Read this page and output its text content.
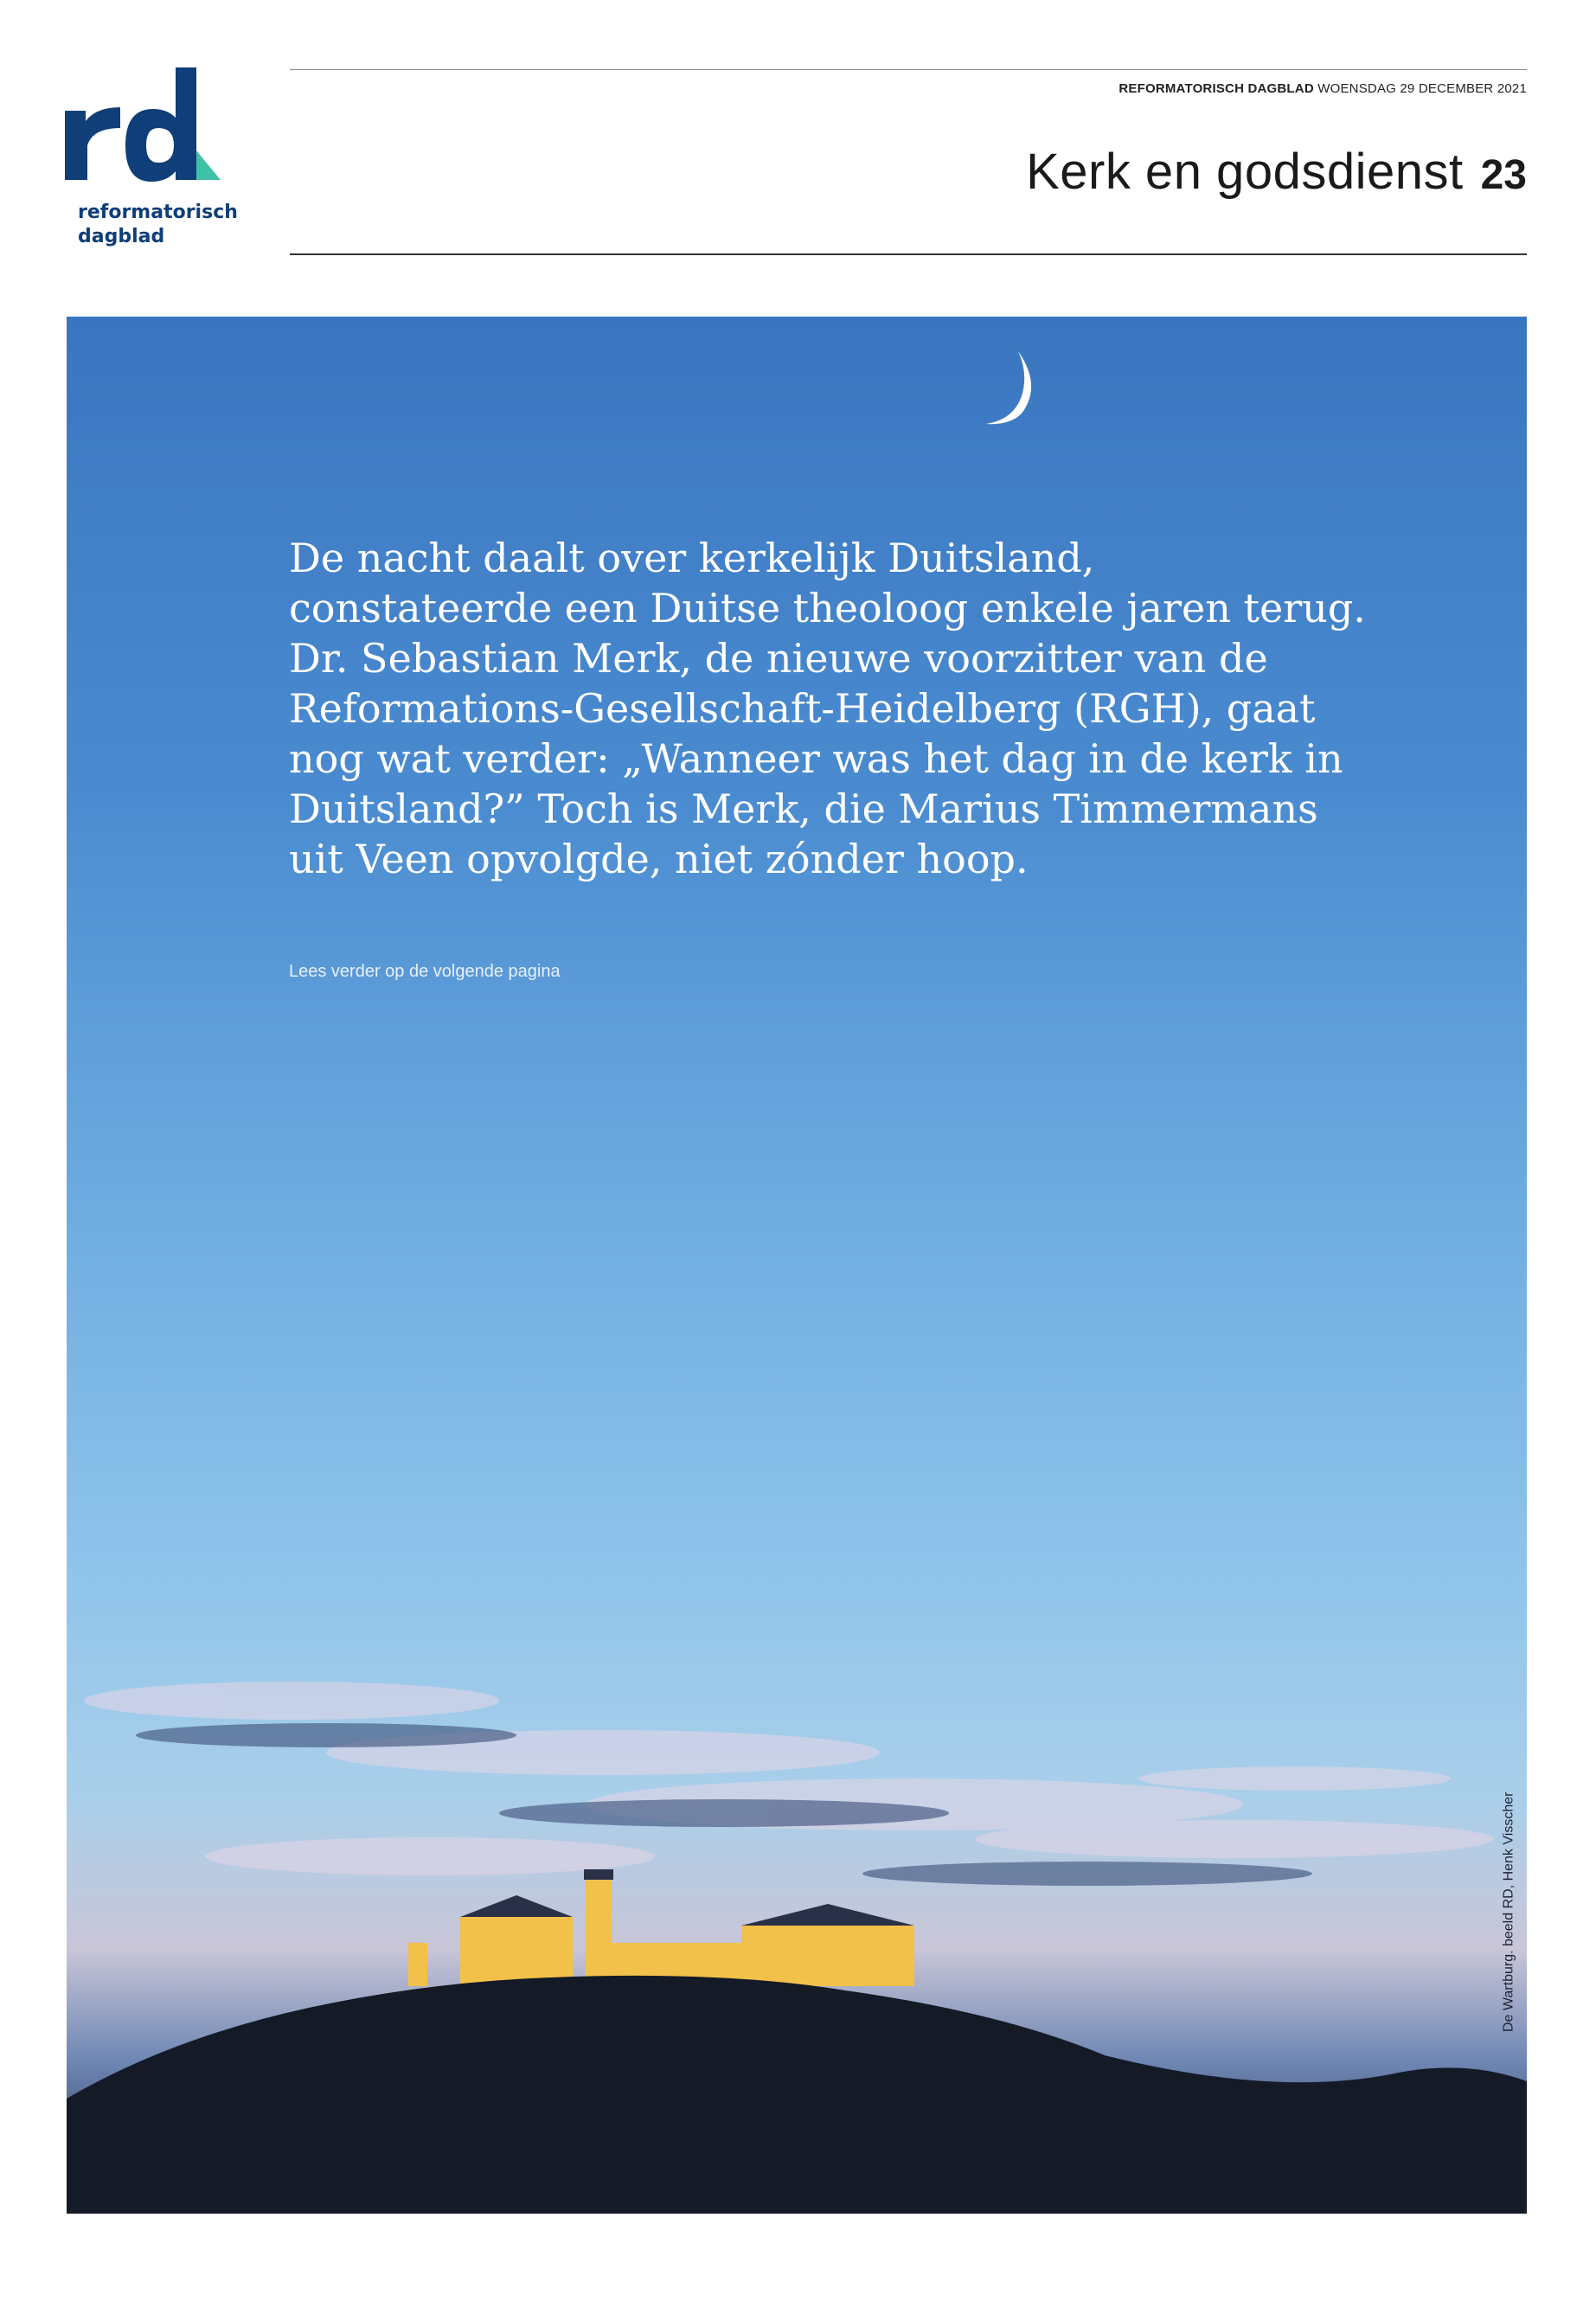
reformatorisch
dagblad
REFORMATORISCH DAGBLAD WOENSDAG 29 DECEMBER 2021
Kerk en godsdienst 23
De nacht daalt over kerkelijk Duitsland, constateerde een Duitse theoloog enkele jaren terug. Dr. Sebastian Merk, de nieuwe voorzitter van de Reformations-Gesellschaft-Heidelberg (RGH), gaat nog wat verder: „Wanneer was het dag in de kerk in Duitsland?” Toch is Merk, die Marius Timmermans uit Veen opvolgde, niet zónder hoop.
Lees verder op de volgende pagina
De Wartburg. beeld RD, Henk Visscher
